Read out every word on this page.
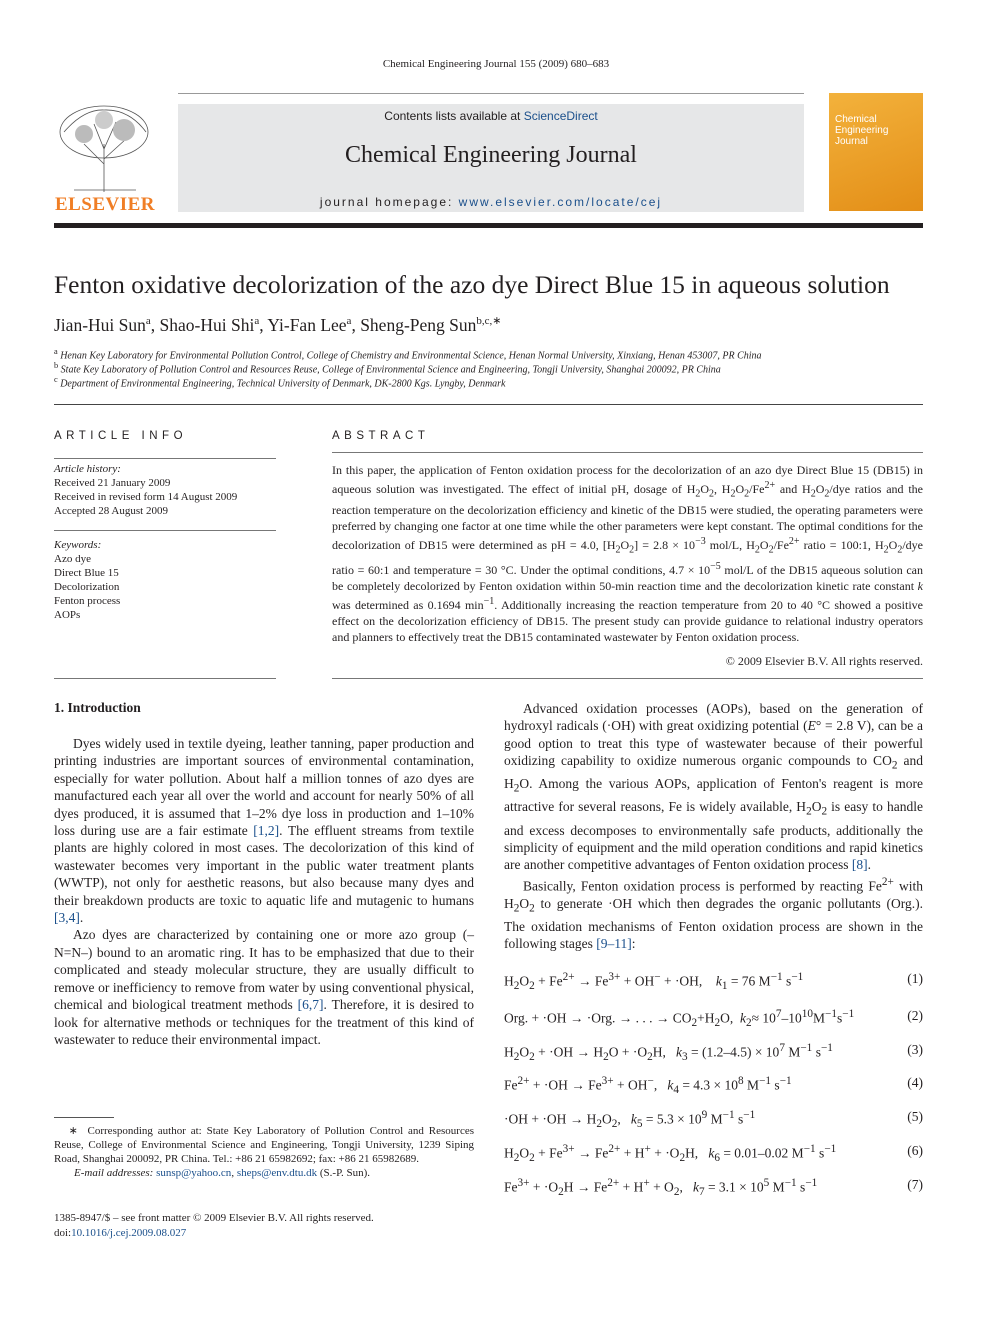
Chemical Engineering Journal 155 (2009) 680–683
ELSEVIER
Contents lists available at ScienceDirect
Chemical Engineering Journal
journal homepage: www.elsevier.com/locate/cej
Chemical
Engineering
Journal
Fenton oxidative decolorization of the azo dye Direct Blue 15 in aqueous solution
Jian-Hui Sun$^a$, Shao-Hui Shi$^a$, Yi-Fan Lee$^a$, Sheng-Peng Sun$^{b,c,∗}$
$^a$ Henan Key Laboratory for Environmental Pollution Control, College of Chemistry and Environmental Science, Henan Normal University, Xinxiang, Henan 453007, PR China
$^b$ State Key Laboratory of Pollution Control and Resources Reuse, College of Environmental Science and Engineering, Tongji University, Shanghai 200092, PR China
$^c$ Department of Environmental Engineering, Technical University of Denmark, DK-2800 Kgs. Lyngby, Denmark
ARTICLE INFO
Article history:
Received 21 January 2009
Received in revised form 14 August 2009
Accepted 28 August 2009
Keywords:
Azo dye
Direct Blue 15
Decolorization
Fenton process
AOPs
ABSTRACT
In this paper, the application of Fenton oxidation process for the decolorization of an azo dye Direct Blue 15 (DB15) in aqueous solution was investigated. The effect of initial pH, dosage of $H_2O_2$, $H_2O_2/Fe^{2+}$ and $H_2O_2$/dye ratios and the reaction temperature on the decolorization efficiency and kinetic of the DB15 were studied, the operating parameters were preferred by changing one factor at one time while the other parameters were kept constant. The optimal conditions for the decolorization of DB15 were determined as pH = 4.0, $[H_2O_2] = 2.8 \times 10^{-3}$ mol/L, $H_2O_2/Fe^{2+}$ ratio = 100:1, $H_2O_2$/dye ratio = 60:1 and temperature = 30 °C. Under the optimal conditions, $4.7 \times 10^{-5}$ mol/L of the DB15 aqueous solution can be completely decolorized by Fenton oxidation within 50-min reaction time and the decolorization kinetic rate constant k was determined as 0.1694 $\min^{-1}$. Additionally increasing the reaction temperature from 20 to 40 °C showed a positive effect on the decolorization efficiency of DB15. The present study can provide guidance to relational industry operators and planners to effectively treat the DB15 contaminated wastewater by Fenton oxidation process.
© 2009 Elsevier B.V. All rights reserved.
1. Introduction

Dyes widely used in textile dyeing, leather tanning, paper production and printing industries are important sources of environmental contamination, especially for water pollution. About half a million tonnes of azo dyes are manufactured each year all over the world and account for nearly 50% of all dyes produced, it is assumed that 1–2% dye loss in production and 1–10% loss during use are a fair estimate [1,2]. The effluent streams from textile plants are highly colored in most cases. The decolorization of this kind of wastewater becomes very important in the public water treatment plants (WWTP), not only for aesthetic reasons, but also because many dyes and their breakdown products are toxic to aquatic life and mutagenic to humans [3,4].

Azo dyes are characterized by containing one or more azo group (–N=N–) bound to an aromatic ring. It has to be emphasized that due to their complicated and steady molecular structure, they are usually difficult to remove or inefficiency to remove from water by using conventional physical, chemical and biological treatment methods [6,7]. Therefore, it is desired to look for alternative methods or techniques for the treatment of this kind of wastewater to reduce their environmental impact.

Advanced oxidation processes (AOPs), based on the generation of hydroxyl radicals (·OH) with great oxidizing potential (E° = 2.8 V), can be a good option to treat this type of wastewater because of their powerful oxidizing capability to oxidize numerous organic compounds to $CO_2$ and $H_2O$. Among the various AOPs, application of Fenton's reagent is more attractive for several reasons, Fe is widely available, $H_2O_2$ is easy to handle and excess decomposes to environmentally safe products, additionally the simplicity of equipment and the mild operation conditions and rapid kinetics are another competitive advantages of Fenton oxidation process [8].

Basically, Fenton oxidation process is performed by reacting $Fe^{2+}$ with $H_2O_2$ to generate ·OH which then degrades the organic pollutants (Org.). The oxidation mechanisms of Fenton oxidation process are shown in the following stages [9–11]:

$H_2O_2 + Fe^{2+} \to Fe^{3+} + OH^- + \cdot OH$,    $k_1 = 76$ $M^{-1}$ $s^{-1}$	(1)
Org. + ·OH → ·Org. → . . . → $CO_2+H_2O$,  $k_2\approx 10^7-10^{10}M^{-1}s^{-1}$	(2)
$H_2O_2 + \cdot OH \to H_2O + \cdot O_2H$,   $k_3 = (1.2-4.5) \times 10^7$ $M^{-1}$ $s^{-1}$	(3)
$Fe^{2+} + \cdot OH \to Fe^{3+} + OH^-$,   $k_4 = 4.3 \times 10^8$ $M^{-1}$ $s^{-1}$	(4)
$\cdot OH + \cdot OH \to H_2O_2$,   $k_5 = 5.3 \times 10^9$ $M^{-1}$ $s^{-1}$	(5)
$H_2O_2 + Fe^{3+} \to Fe^{2+} + H^+ + \cdot O_2H$,   $k_6 = 0.01-0.02$ $M^{-1}$ $s^{-1}$	(6)
$Fe^{3+} + \cdot O_2H \to Fe^{2+} + H^+ + O_2$,   $k_7 = 3.1 \times 10^5$ $M^{-1}$ $s^{-1}$	(7)
∗  Corresponding author at: State Key Laboratory of Pollution Control and Resources Reuse, College of Environmental Science and Engineering, Tongji University, 1239 Siping Road, Shanghai 200092, PR China. Tel.: +86 21 65982692; fax: +86 21 65982689.
E-mail addresses: sunsp@yahoo.cn, sheps@env.dtu.dk (S.-P. Sun).
1385-8947/$ – see front matter © 2009 Elsevier B.V. All rights reserved.
doi:10.1016/j.cej.2009.08.027
